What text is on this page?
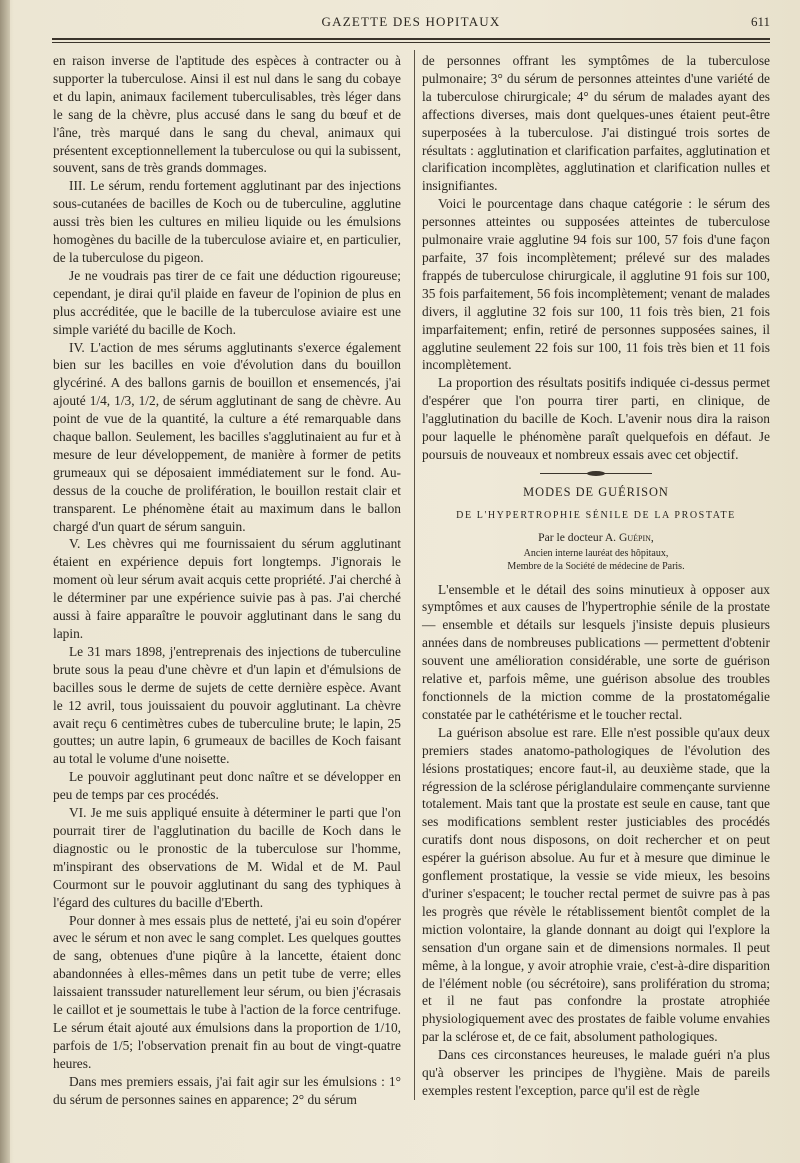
GAZETTE DES HOPITAUX	611

en raison inverse de l'aptitude des espèces à contracter ou à supporter la tuberculose. Ainsi il est nul dans le sang du cobaye et du lapin, animaux facilement tuberculisables, très léger dans le sang de la chèvre, plus accusé dans le sang du bœuf et de l'âne, très marqué dans le sang du cheval, animaux qui présentent exceptionnellement la tuberculose ou qui la subissent, souvent, sans de très grands dommages.

III. Le sérum, rendu fortement agglutinant par des injections sous-cutanées de bacilles de Koch ou de tuberculine, agglutine aussi très bien les cultures en milieu liquide ou les émulsions homogènes du bacille de la tuberculose aviaire et, en particulier, de la tuberculose du pigeon.

Je ne voudrais pas tirer de ce fait une déduction rigoureuse; cependant, je dirai qu'il plaide en faveur de l'opinion de plus en plus accréditée, que le bacille de la tuberculose aviaire est une simple variété du bacille de Koch.

IV. L'action de mes sérums agglutinants s'exerce également bien sur les bacilles en voie d'évolution dans du bouillon glycériné. A des ballons garnis de bouillon et ensemencés, j'ai ajouté 1/4, 1/3, 1/2, de sérum agglutinant de sang de chèvre. Au point de vue de la quantité, la culture a été remarquable dans chaque ballon. Seulement, les bacilles s'agglutinaient au fur et à mesure de leur développement, de manière à former de petits grumeaux qui se déposaient immédiatement sur le fond. Au-dessus de la couche de prolifération, le bouillon restait clair et transparent. Le phénomène était au maximum dans le ballon chargé d'un quart de sérum sanguin.

V. Les chèvres qui me fournissaient du sérum agglutinant étaient en expérience depuis fort longtemps. J'ignorais le moment où leur sérum avait acquis cette propriété. J'ai cherché à le déterminer par une expérience suivie pas à pas. J'ai cherché aussi à faire apparaître le pouvoir agglutinant dans le sang du lapin.

Le 31 mars 1898, j'entreprenais des injections de tuberculine brute sous la peau d'une chèvre et d'un lapin et d'émulsions de bacilles sous le derme de sujets de cette dernière espèce. Avant le 12 avril, tous jouissaient du pouvoir agglutinant. La chèvre avait reçu 6 centimètres cubes de tuberculine brute; le lapin, 25 gouttes; un autre lapin, 6 grumeaux de bacilles de Koch faisant au total le volume d'une noisette.

Le pouvoir agglutinant peut donc naître et se développer en peu de temps par ces procédés.

VI. Je me suis appliqué ensuite à déterminer le parti que l'on pourrait tirer de l'agglutination du bacille de Koch dans le diagnostic ou le pronostic de la tuberculose sur l'homme, m'inspirant des observations de M. Widal et de M. Paul Courmont sur le pouvoir agglutinant du sang des typhiques à l'égard des cultures du bacille d'Eberth.

Pour donner à mes essais plus de netteté, j'ai eu soin d'opérer avec le sérum et non avec le sang complet. Les quelques gouttes de sang, obtenues d'une piqûre à la lancette, étaient donc abandonnées à elles-mêmes dans un petit tube de verre; elles laissaient transsuder naturellement leur sérum, ou bien j'écrasais le caillot et je soumettais le tube à l'action de la force centrifuge. Le sérum était ajouté aux émulsions dans la proportion de 1/10, parfois de 1/5; l'observation prenait fin au bout de vingt-quatre heures.

Dans mes premiers essais, j'ai fait agir sur les émulsions : 1° du sérum de personnes saines en apparence; 2° du sérum

de personnes offrant les symptômes de la tuberculose pulmonaire; 3° du sérum de personnes atteintes d'une variété de la tuberculose chirurgicale; 4° du sérum de malades ayant des affections diverses, mais dont quelques-unes étaient peut-être superposées à la tuberculose. J'ai distingué trois sortes de résultats : agglutination et clarification parfaites, agglutination et clarification incomplètes, agglutination et clarification nulles et insignifiantes.

Voici le pourcentage dans chaque catégorie : le sérum des personnes atteintes ou supposées atteintes de tuberculose pulmonaire vraie agglutine 94 fois sur 100, 57 fois d'une façon parfaite, 37 fois incomplètement; prélevé sur des malades frappés de tuberculose chirurgicale, il agglutine 91 fois sur 100, 35 fois parfaitement, 56 fois incomplètement; venant de malades divers, il agglutine 32 fois sur 100, 11 fois très bien, 21 fois imparfaitement; enfin, retiré de personnes supposées saines, il agglutine seulement 22 fois sur 100, 11 fois très bien et 11 fois incomplètement.

La proportion des résultats positifs indiquée ci-dessus permet d'espérer que l'on pourra tirer parti, en clinique, de l'agglutination du bacille de Koch. L'avenir nous dira la raison pour laquelle le phénomène paraît quelquefois en défaut. Je poursuis de nouveaux et nombreux essais avec cet objectif.

MODES DE GUÉRISON
DE L'HYPERTROPHIE SÉNILE DE LA PROSTATE
Par le docteur A. Guépin,
Ancien interne lauréat des hôpitaux,
Membre de la Société de médecine de Paris.

L'ensemble et le détail des soins minutieux à opposer aux symptômes et aux causes de l'hypertrophie sénile de la prostate — ensemble et détails sur lesquels j'insiste depuis plusieurs années dans de nombreuses publications — permettent d'obtenir souvent une amélioration considérable, une sorte de guérison relative et, parfois même, une guérison absolue des troubles fonctionnels de la miction comme de la prostatomégalie constatée par le cathétérisme et le toucher rectal.

La guérison absolue est rare. Elle n'est possible qu'aux deux premiers stades anatomo-pathologiques de l'évolution des lésions prostatiques; encore faut-il, au deuxième stade, que la régression de la sclérose périglandulaire commençante survienne totalement. Mais tant que la prostate est seule en cause, tant que ses modifications semblent rester justiciables des procédés curatifs dont nous disposons, on doit rechercher et on peut espérer la guérison absolue. Au fur et à mesure que diminue le gonflement prostatique, la vessie se vide mieux, les besoins d'uriner s'espacent; le toucher rectal permet de suivre pas à pas les progrès que révèle le rétablissement bientôt complet de la miction volontaire, la glande donnant au doigt qui l'explore la sensation d'un organe sain et de dimensions normales. Il peut même, à la longue, y avoir atrophie vraie, c'est-à-dire disparition de l'élément noble (ou sécrétoire), sans prolifération du stroma; et il ne faut pas confondre la prostate atrophiée physiologiquement avec des prostates de faible volume envahies par la sclérose et, de ce fait, absolument pathologiques.

Dans ces circonstances heureuses, le malade guéri n'a plus qu'à observer les principes de l'hygiène. Mais de pareils exemples restent l'exception, parce qu'il est de règle
